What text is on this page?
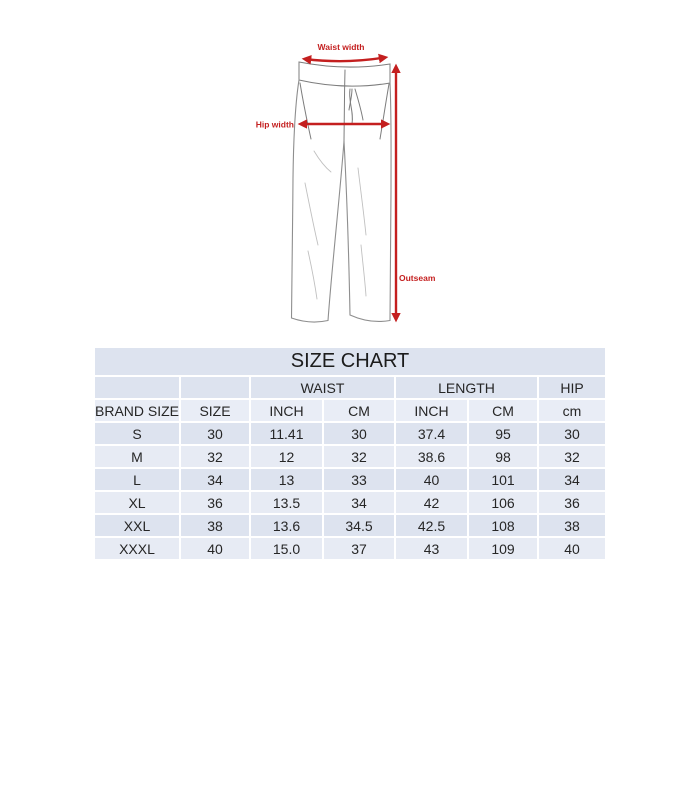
Waist width
Hip width
Outseam
SIZE CHART						
		WAIST		LENGTH		HIP
BRAND SIZE	SIZE	INCH	CM	INCH	CM	cm
S	30	11.41	30	37.4	95	30
M	32	12	32	38.6	98	32
L	34	13	33	40	101	34
XL	36	13.5	34	42	106	36
XXL	38	13.6	34.5	42.5	108	38
XXXL	40	15.0	37	43	109	40
